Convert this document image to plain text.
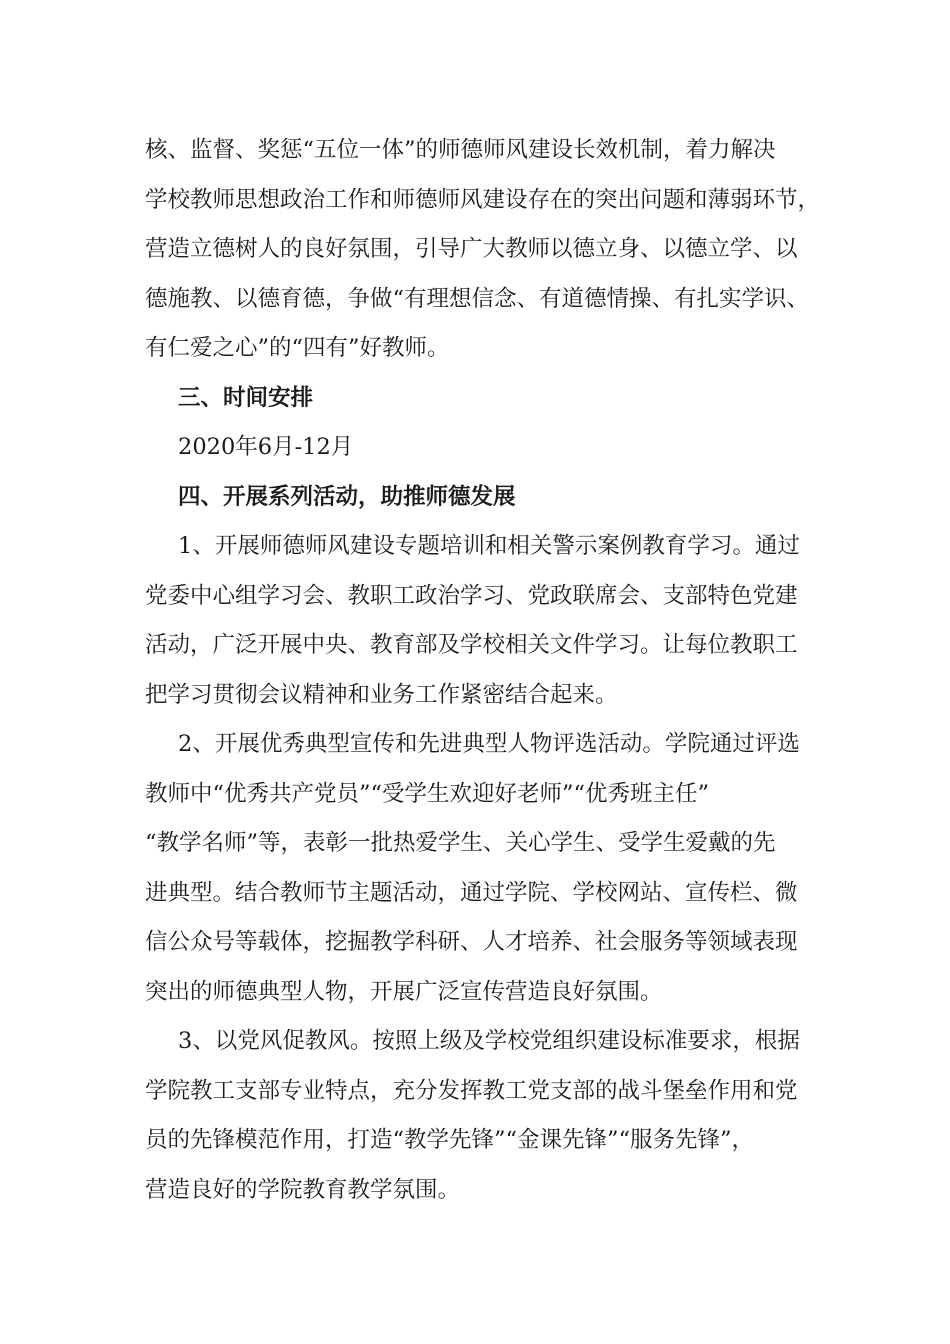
核、监督、奖惩“五位一体”的师德师风建设长效机制，着力解决
学校教师思想政治工作和师德师风建设存在的突出问题和薄弱环节，
营造立德树人的良好氛围，引导广大教师以德立身、以德立学、以
德施教、以德育德，争做“有理想信念、有道德情操、有扎实学识、
有仁爱之心”的“四有”好教师。
三、时间安排
2020年6月-12月
四、开展系列活动，助推师德发展
1、开展师德师风建设专题培训和相关警示案例教育学习。通过
党委中心组学习会、教职工政治学习、党政联席会、支部特色党建
活动，广泛开展中央、教育部及学校相关文件学习。让每位教职工
把学习贯彻会议精神和业务工作紧密结合起来。
2、开展优秀典型宣传和先进典型人物评选活动。学院通过评选
教师中“优秀共产党员”“受学生欢迎好老师”“优秀班主任”
“教学名师”等，表彰一批热爱学生、关心学生、受学生爱戴的先
进典型。结合教师节主题活动，通过学院、学校网站、宣传栏、微
信公众号等载体，挖掘教学科研、人才培养、社会服务等领域表现
突出的师德典型人物，开展广泛宣传营造良好氛围。
3、以党风促教风。按照上级及学校党组织建设标准要求，根据
学院教工支部专业特点，充分发挥教工党支部的战斗堡垒作用和党
员的先锋模范作用，打造“教学先锋”“金课先锋”“服务先锋”，
营造良好的学院教育教学氛围。
